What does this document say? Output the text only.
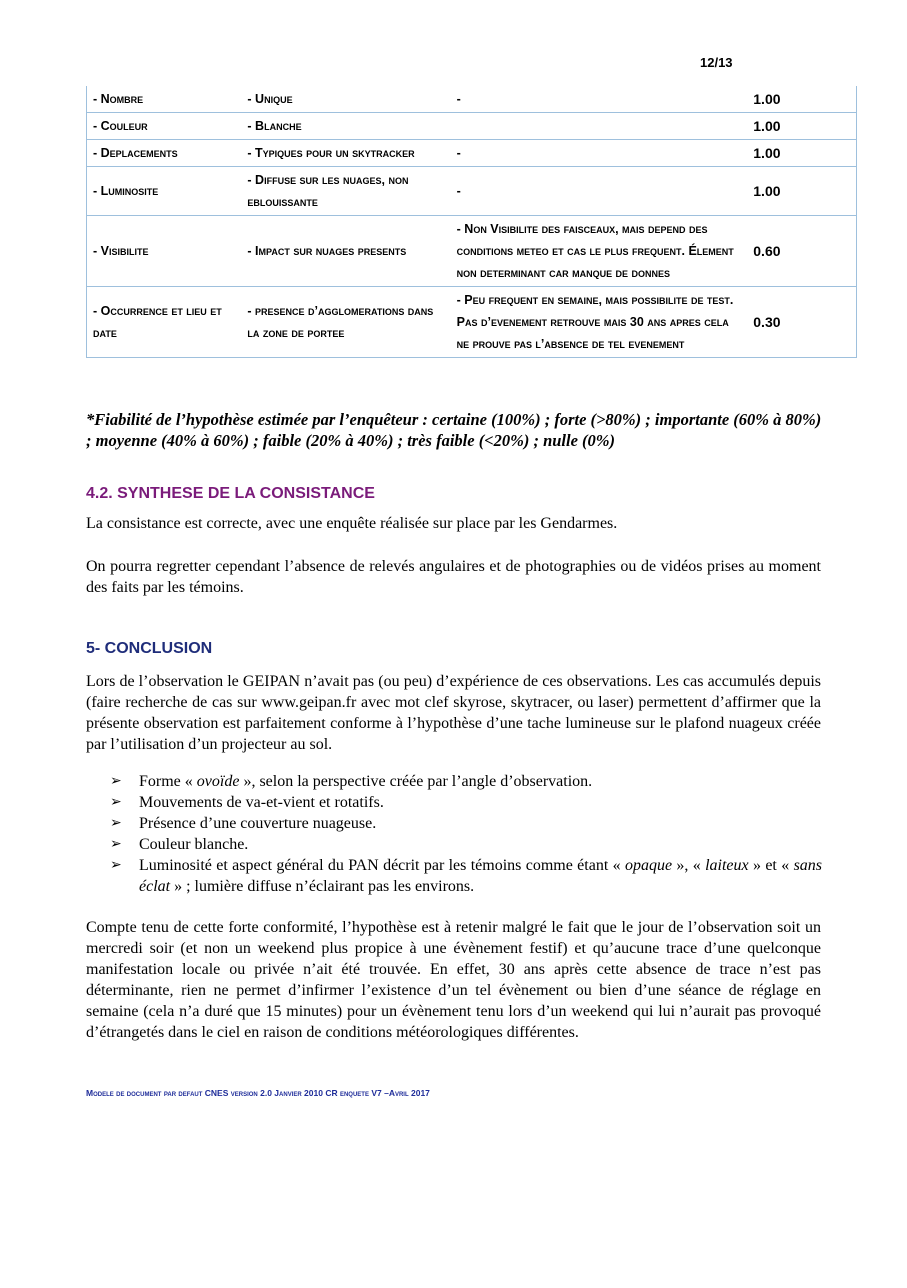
12/13
- Nombre	- Unique	-	1.00
- Couleur	- Blanche		1.00
- Deplacements	- Typiques pour un skytracker	-	1.00
- Luminosite	- Diffuse sur les nuages, non eblouissante	-	1.00
- Visibilite	- Impact sur nuages presents	- Non Visibilite des faisceaux, mais depend des conditions meteo et cas le plus frequent. Élement non determinant car manque de donnes	0.60
- Occurrence et lieu et date	- presence d’agglomerations dans la zone de portee	- Peu frequent en semaine, mais possibilite de test. Pas d’evenement retrouve mais 30 ans apres cela ne prouve pas l’absence de tel evenement	0.30
*Fiabilité de l’hypothèse estimée par l’enquêteur : certaine (100%) ; forte (>80%) ; importante (60% à 80%) ; moyenne (40% à 60%) ; faible (20% à 40%) ; très faible (<20%) ; nulle (0%)
4.2. SYNTHESE DE LA CONSISTANCE
La consistance est correcte, avec une enquête réalisée sur place par les Gendarmes.
On pourra regretter cependant l’absence de relevés angulaires et de photographies ou de vidéos prises au moment des faits par les témoins.
5- CONCLUSION
Lors de l’observation le GEIPAN n’avait pas (ou peu) d’expérience de ces observations. Les cas accumulés depuis (faire recherche de cas sur www.geipan.fr avec mot clef skyrose, skytracer, ou laser) permettent d’affirmer que la présente observation est parfaitement conforme à l’hypothèse d’une tache lumineuse sur le plafond nuageux créée par l’utilisation d’un projecteur au sol.
➢ Forme « ovoïde », selon la perspective créée par l’angle d’observation.
➢ Mouvements de va-et-vient et rotatifs.
➢ Présence d’une couverture nuageuse.
➢ Couleur blanche.
➢ Luminosité et aspect général du PAN décrit par les témoins comme étant « opaque », « laiteux » et « sans éclat » ; lumière diffuse n’éclairant pas les environs.
Compte tenu de cette forte conformité, l’hypothèse est à retenir malgré le fait que le jour de l’observation soit un mercredi soir (et non un weekend plus propice à une évènement festif) et qu’aucune trace d’une quelconque manifestation locale ou privée n’ait été trouvée. En effet, 30 ans après cette absence de trace n’est pas déterminante, rien ne permet d’infirmer l’existence d’un tel évènement ou bien d’une séance de réglage en semaine (cela n’a duré que 15 minutes) pour un évènement tenu lors d’un weekend qui lui n’aurait pas provoqué d’étrangetés dans le ciel en raison de conditions météorologiques différentes.
Modele de document par defaut CNES version 2.0 Janvier 2010 CR enquete V7 –Avril 2017
